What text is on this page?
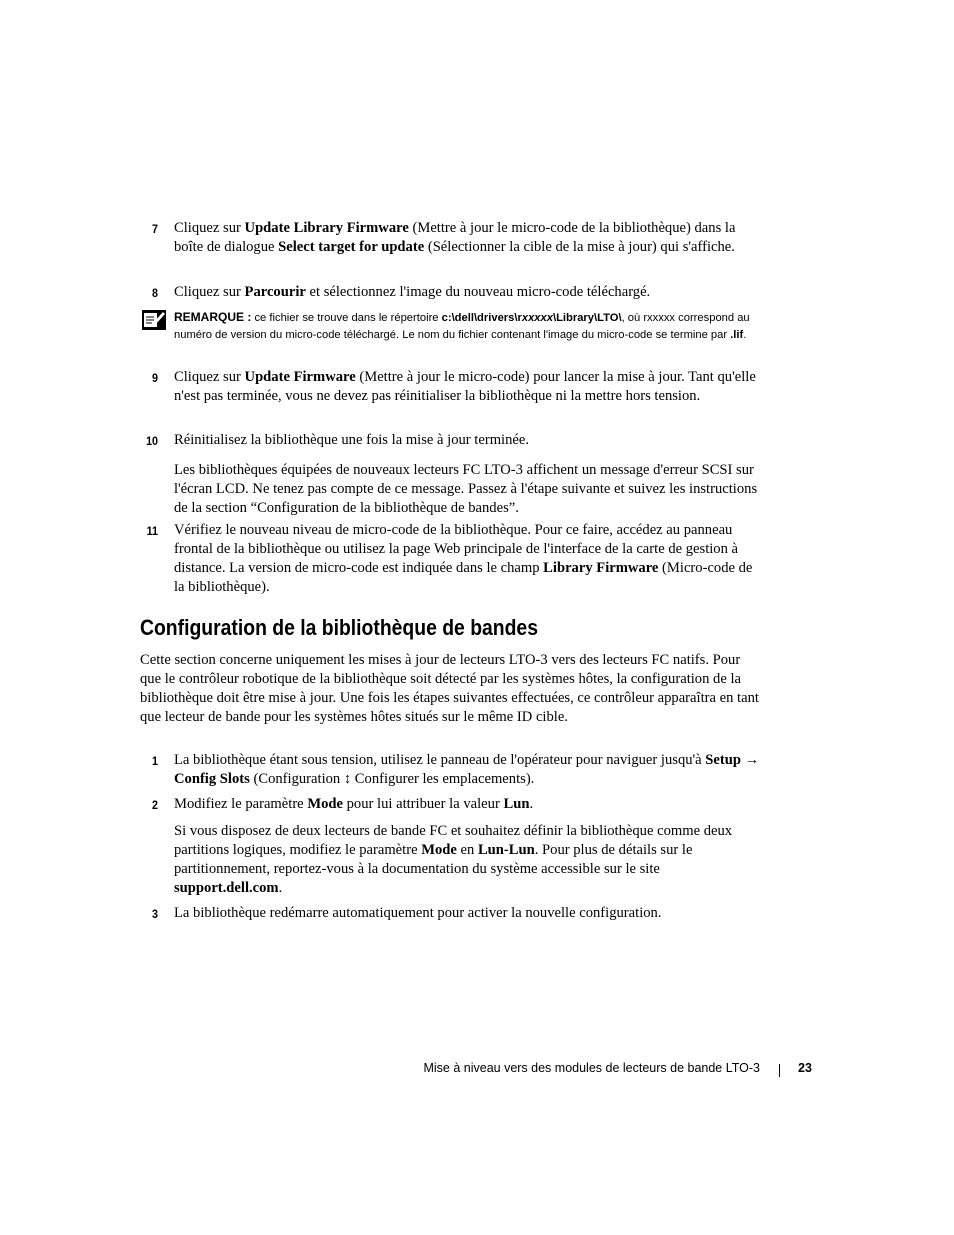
7 Cliquez sur Update Library Firmware (Mettre à jour le micro-code de la bibliothèque) dans la boîte de dialogue Select target for update (Sélectionner la cible de la mise à jour) qui s'affiche.

8 Cliquez sur Parcourir et sélectionnez l'image du nouveau micro-code téléchargé.

REMARQUE : ce fichier se trouve dans le répertoire c:\dell\drivers\rxxxxx\Library\LTO\, où rxxxxx correspond au numéro de version du micro-code téléchargé. Le nom du fichier contenant l'image du micro-code se termine par .lif.
9 Cliquez sur Update Firmware (Mettre à jour le micro-code) pour lancer la mise à jour. Tant qu'elle n'est pas terminée, vous ne devez pas réinitialiser la bibliothèque ni la mettre hors tension.

10 Réinitialisez la bibliothèque une fois la mise à jour terminée.

Les bibliothèques équipées de nouveaux lecteurs FC LTO-3 affichent un message d'erreur SCSI sur l'écran LCD. Ne tenez pas compte de ce message. Passez à l'étape suivante et suivez les instructions de la section “Configuration de la bibliothèque de bandes”.

11 Vérifiez le nouveau niveau de micro-code de la bibliothèque. Pour ce faire, accédez au panneau frontal de la bibliothèque ou utilisez la page Web principale de l'interface de la carte de gestion à distance. La version de micro-code est indiquée dans le champ Library Firmware (Micro-code de la bibliothèque).

Configuration de la bibliothèque de bandes

Cette section concerne uniquement les mises à jour de lecteurs LTO-3 vers des lecteurs FC natifs. Pour que le contrôleur robotique de la bibliothèque soit détecté par les systèmes hôtes, la configuration de la bibliothèque doit être mise à jour. Une fois les étapes suivantes effectuées, ce contrôleur apparaîtra en tant que lecteur de bande pour les systèmes hôtes situés sur le même ID cible.

1 La bibliothèque étant sous tension, utilisez le panneau de l'opérateur pour naviguer jusqu'à Setup → Config Slots (Configuration ↕ Configurer les emplacements).

2 Modifiez le paramètre Mode pour lui attribuer la valeur Lun.

Si vous disposez de deux lecteurs de bande FC et souhaitez définir la bibliothèque comme deux partitions logiques, modifiez le paramètre Mode en Lun-Lun. Pour plus de détails sur le partitionnement, reportez-vous à la documentation du système accessible sur le site support.dell.com.

3 La bibliothèque redémarre automatiquement pour activer la nouvelle configuration.

Mise à niveau vers des modules de lecteurs de bande LTO-3	23
